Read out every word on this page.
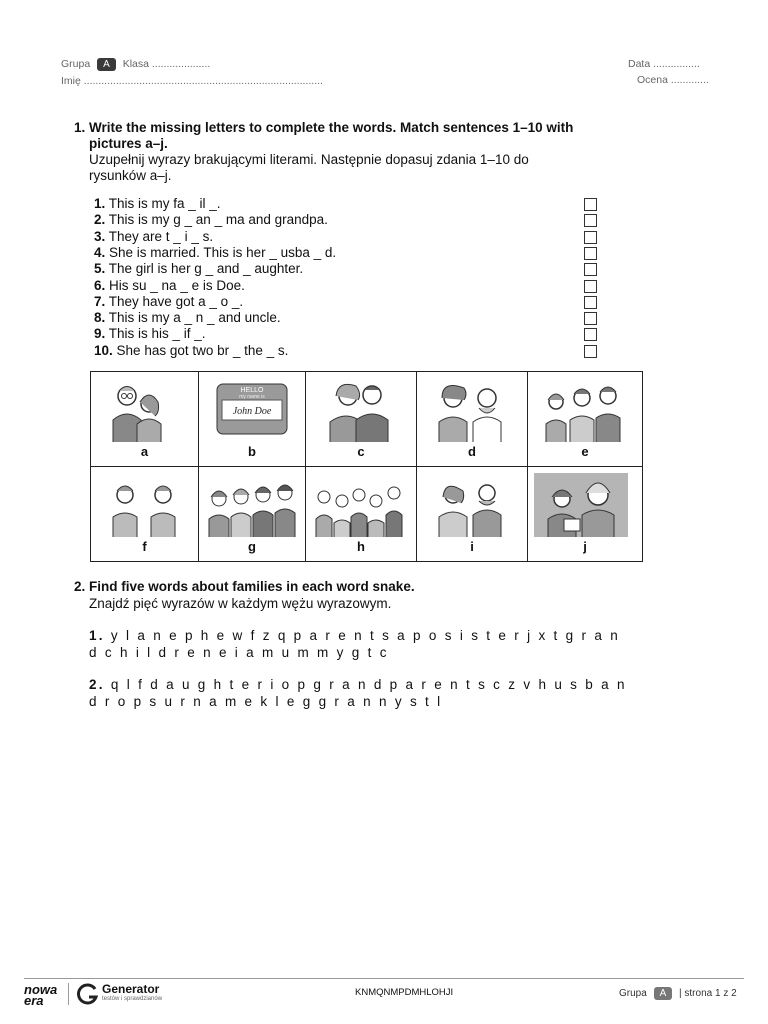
Grupa A Klasa ....................
Imię ..................................................................................
Data ................
Ocena .............
1. Write the missing letters to complete the words. Match sentences 1–10 with
pictures a–j.
Uzupełnij wyrazy brakującymi literami. Następnie dopasuj zdania 1–10 do
rysunków a–j.
1. This is my fa _ il _.
2. This is my g _ an _ ma and grandpa.
3. They are t _ i _ s.
4. She is married. This is her _ usba _ d.
5. The girl is her g _ and _ aughter.
6. His su _ na _ e is Doe.
7. They have got a _ o _.
8. This is my a _ n _ and uncle.
9. This is his _ if _.
10. She has got two br _ the _ s.
a	HELLO
my name is
John Doe
b	c	d	e

f	g	h	i	j
2. Find five words about families in each word snake.
Znajdź pięć wyrazów w każdym wężu wyrazowym.
1. y l a n e p h e w f z q p a r e n t s a p o s i s t e r j x t g r a n d c h i l d r e n e i a m u m m y g t c
2. q l f d a u g h t e r i o p g r a n d p a r e n t s c z v h u s b a n d r o p s u r n a m e k l e g g r a n n y s t l
nowa era
Generator
testów i sprawdzianów
KNMQNMPDMHLOHJI	Grupa A | strona 1 z 2
